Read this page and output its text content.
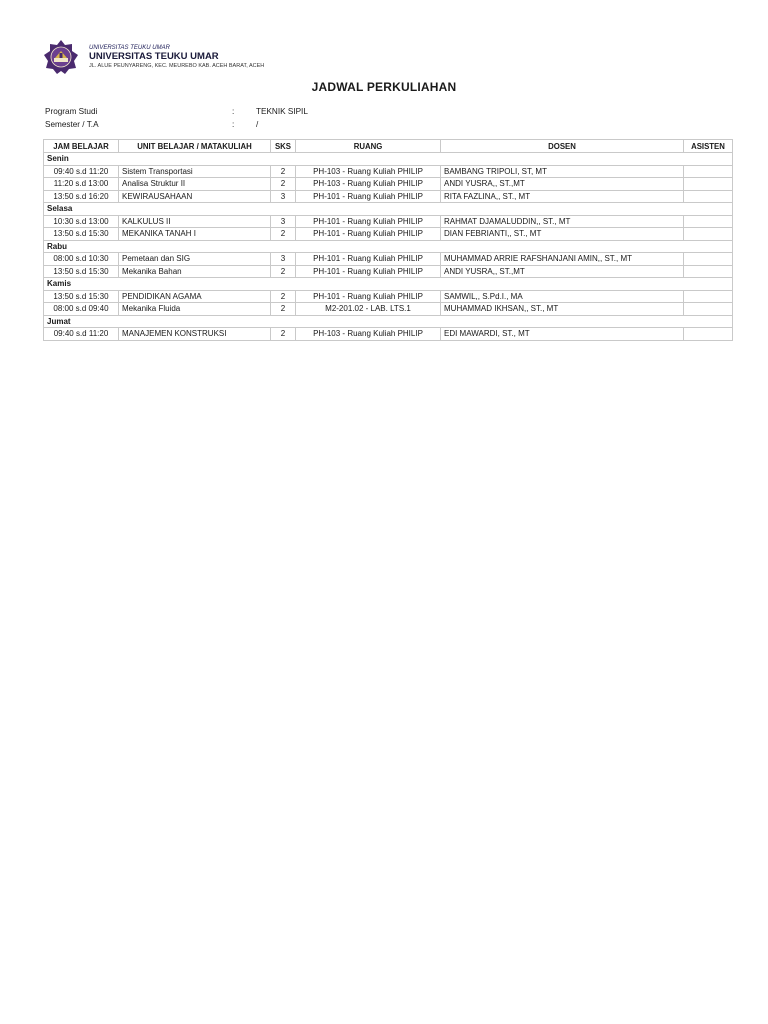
UNIVERSITAS TEUKU UMAR
UNIVERSITAS TEUKU UMAR
JL. ALUE PEUNYARENG, KEC. MEUREBO KAB. ACEH BARAT, ACEH
JADWAL PERKULIAHAN
Program Studi	:	TEKNIK SIPIL
Semester / T.A	:	/
JAM BELAJAR	UNIT BELAJAR / MATAKULIAH	SKS	RUANG	DOSEN	ASISTEN
Senin					
09:40 s.d 11:20	Sistem Transportasi	2	PH-103 - Ruang Kuliah PHILIP	BAMBANG TRIPOLI, ST, MT	
11:20 s.d 13:00	Analisa Struktur II	2	PH-103 - Ruang Kuliah PHILIP	ANDI YUSRA,, ST.,MT	
13:50 s.d 16:20	KEWIRAUSAHAAN	3	PH-101 - Ruang Kuliah PHILIP	RITA FAZLINA,, ST., MT	
Selasa					
10:30 s.d 13:00	KALKULUS II	3	PH-101 - Ruang Kuliah PHILIP	RAHMAT DJAMALUDDIN,, ST., MT	
13:50 s.d 15:30	MEKANIKA TANAH I	2	PH-101 - Ruang Kuliah PHILIP	DIAN FEBRIANTI,, ST., MT	
Rabu					
08:00 s.d 10:30	Pemetaan dan SIG	3	PH-101 - Ruang Kuliah PHILIP	MUHAMMAD ARRIE RAFSHANJANI AMIN,, ST., MT	
13:50 s.d 15:30	Mekanika Bahan	2	PH-101 - Ruang Kuliah PHILIP	ANDI YUSRA,, ST.,MT	
Kamis					
13:50 s.d 15:30	PENDIDIKAN AGAMA	2	PH-101 - Ruang Kuliah PHILIP	SAMWIL,, S.Pd.I., MA	
08:00 s.d 09:40	Mekanika Fluida	2	M2-201.02 - LAB. LTS.1	MUHAMMAD IKHSAN,, ST., MT	
Jumat					
09:40 s.d 11:20	MANAJEMEN KONSTRUKSI	2	PH-103 - Ruang Kuliah PHILIP	EDI MAWARDI, ST., MT	
